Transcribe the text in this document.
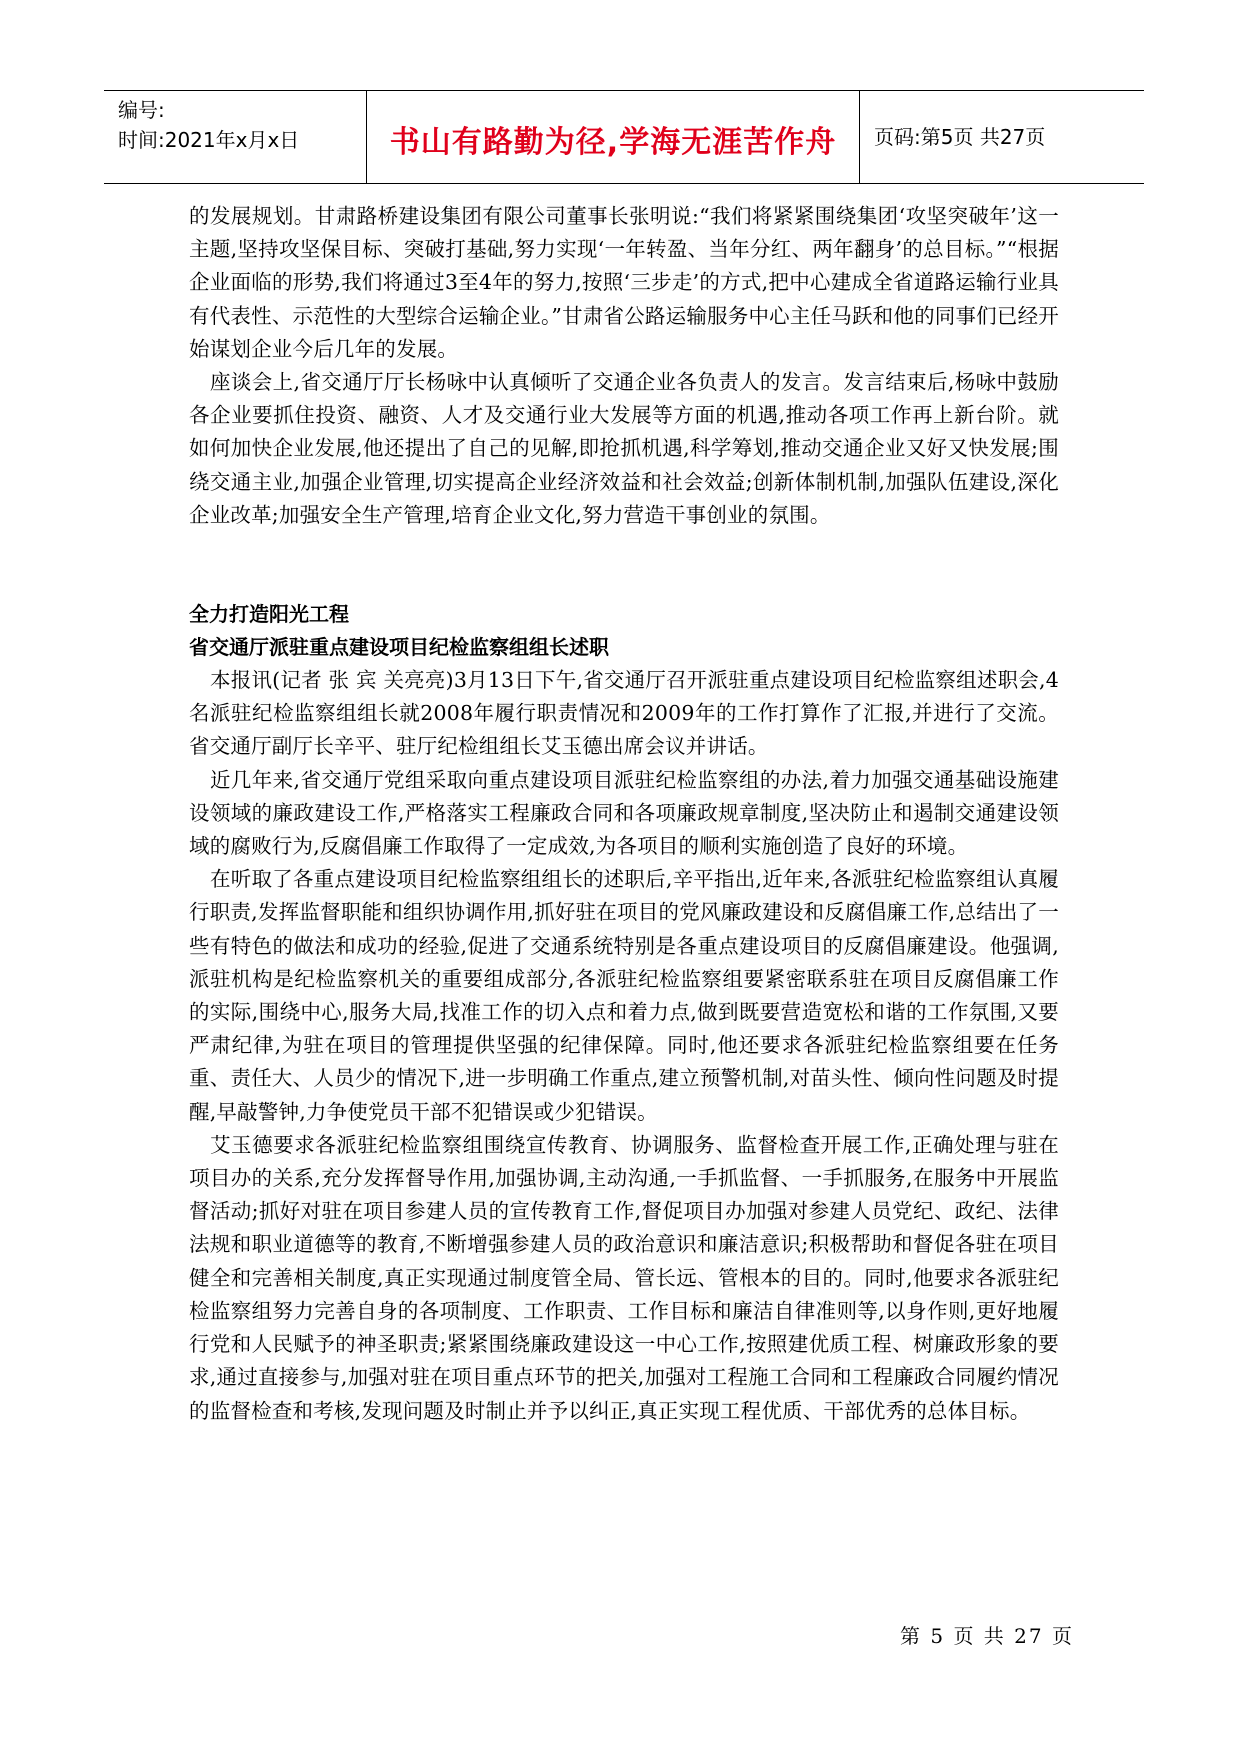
编号:
时间:2021年x月x日	书山有路勤为径,学海无涯苦作舟	页码:第5页 共27页

的发展规划。甘肃路桥建设集团有限公司董事长张明说:“我们将紧紧围绕集团‘攻坚突破年’这一主题,坚持攻坚保目标、突破打基础,努力实现‘一年转盈、当年分红、两年翻身’的总目标。”“根据企业面临的形势,我们将通过3至4年的努力,按照‘三步走’的方式,把中心建成全省道路运输行业具有代表性、示范性的大型综合运输企业。”甘肃省公路运输服务中心主任马跃和他的同事们已经开始谋划企业今后几年的发展。

座谈会上,省交通厅厅长杨咏中认真倾听了交通企业各负责人的发言。发言结束后,杨咏中鼓励各企业要抓住投资、融资、人才及交通行业大发展等方面的机遇,推动各项工作再上新台阶。就如何加快企业发展,他还提出了自己的见解,即抢抓机遇,科学筹划,推动交通企业又好又快发展;围绕交通主业,加强企业管理,切实提高企业经济效益和社会效益;创新体制机制,加强队伍建设,深化企业改革;加强安全生产管理,培育企业文化,努力营造干事创业的氛围。

全力打造阳光工程

省交通厅派驻重点建设项目纪检监察组组长述职

本报讯(记者 张 宾 关亮亮)3月13日下午,省交通厅召开派驻重点建设项目纪检监察组述职会,4名派驻纪检监察组组长就2008年履行职责情况和2009年的工作打算作了汇报,并进行了交流。省交通厅副厅长辛平、驻厅纪检组组长艾玉德出席会议并讲话。

近几年来,省交通厅党组采取向重点建设项目派驻纪检监察组的办法,着力加强交通基础设施建设领域的廉政建设工作,严格落实工程廉政合同和各项廉政规章制度,坚决防止和遏制交通建设领域的腐败行为,反腐倡廉工作取得了一定成效,为各项目的顺利实施创造了良好的环境。

在听取了各重点建设项目纪检监察组组长的述职后,辛平指出,近年来,各派驻纪检监察组认真履行职责,发挥监督职能和组织协调作用,抓好驻在项目的党风廉政建设和反腐倡廉工作,总结出了一些有特色的做法和成功的经验,促进了交通系统特别是各重点建设项目的反腐倡廉建设。他强调,派驻机构是纪检监察机关的重要组成部分,各派驻纪检监察组要紧密联系驻在项目反腐倡廉工作的实际,围绕中心,服务大局,找准工作的切入点和着力点,做到既要营造宽松和谐的工作氛围,又要严肃纪律,为驻在项目的管理提供坚强的纪律保障。同时,他还要求各派驻纪检监察组要在任务重、责任大、人员少的情况下,进一步明确工作重点,建立预警机制,对苗头性、倾向性问题及时提醒,早敲警钟,力争使党员干部不犯错误或少犯错误。

艾玉德要求各派驻纪检监察组围绕宣传教育、协调服务、监督检查开展工作,正确处理与驻在项目办的关系,充分发挥督导作用,加强协调,主动沟通,一手抓监督、一手抓服务,在服务中开展监督活动;抓好对驻在项目参建人员的宣传教育工作,督促项目办加强对参建人员党纪、政纪、法律法规和职业道德等的教育,不断增强参建人员的政治意识和廉洁意识;积极帮助和督促各驻在项目健全和完善相关制度,真正实现通过制度管全局、管长远、管根本的目的。同时,他要求各派驻纪检监察组努力完善自身的各项制度、工作职责、工作目标和廉洁自律准则等,以身作则,更好地履行党和人民赋予的神圣职责;紧紧围绕廉政建设这一中心工作,按照建优质工程、树廉政形象的要求,通过直接参与,加强对驻在项目重点环节的把关,加强对工程施工合同和工程廉政合同履约情况的监督检查和考核,发现问题及时制止并予以纠正,真正实现工程优质、干部优秀的总体目标。

第 5 页 共 27 页
